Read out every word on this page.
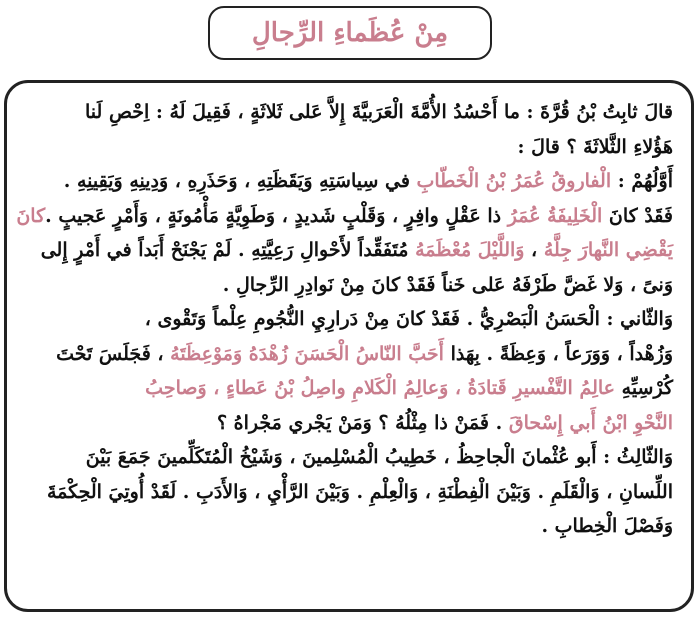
مِنْ عُظَماءِ الرِّجالِ
قالَ ثابِتُ بْنُ قُرَّةَ : ما أَحْسُدُ الأُمَّةَ الْعَرَبيَّةَ إِلاَّ عَلى ثَلاثَةٍ ، فَقِيلَ لَهُ : اِحْصِ لَنا
هَؤُلاءِ الثَّلاثَةَ ؟ قالَ :
أَوَّلُهُمْ : الْفاروقُ عُمَرُ بْنُ الْخَطّابِ في سِياسَتِهِ وَيَقَظَتِهِ ، وَحَذَرِهِ ، وَدِينِهِ وَيَقِينِهِ .
فَقَدْ كانَ الْخَلِيفَةُ عُمَرُ ذا عَقْلٍ وافِرٍ ، وَقَلْبٍ شَديدٍ ، وَطَوِيَّةٍ مَأْمُونَةٍ ، وَأَمْرٍ عَجيبٍ .كانَ
يَقْضِي النَّهارَ جِلَّهُ ، وَاللَّيْلَ مُعْظَمَهُ مُتَفَقِّداً لأَحْوالِ رَعِيَّتِهِ . لَمْ يَجْنَحْ أَبَداً في أَمْرٍ إِلى
وَنىً ، وَلا غَضَّ طَرْفَهُ عَلى خَناً فَقَدْ كانَ مِنْ نَوادِرِ الرِّجالِ .
وَالثّاني : الْحَسَنُ الْبَصْرِيُّ . فَقَدْ كانَ مِنْ دَرارِيِ النُّجُومِ عِلْماً وَتَقْوى ،
وَزُهْداً ، وَوَرَعاً ، وَعِظَةً . بِهَذا أَحَبَّ النّاسُ الْحَسَنَ زُهْدَهُ وَمَوْعِظَتَهُ ، فَجَلَسَ تَحْتَ
كُرْسِيِّهِ عالِمُ التَّفْسيرِ قَتادَةُ ، وَعالِمُ الْكَلامِ واصِلُ بْنُ عَطاءٍ ، وَصاحِبُ
النَّحْوِ ابْنُ أَبي إِسْحاقَ . فَمَنْ ذا مِثْلُهُ ؟ وَمَنْ يَجْري مَجْراهُ ؟
وَالثّالِثُ : أَبو عُثْمانَ الْجاحِظُ ، خَطِيبُ الْمُسْلِمينَ ، وَشَيْخُ الْمُتَكَلِّمينَ جَمَعَ بَيْنَ
اللِّسانِ ، وَالْقَلَمِ . وَبَيْنَ الْفِطْنَةِ ، وَالْعِلْمِ . وَبَيْنَ الرَّأْيِ ، وَالأَدَبِ . لَقَدْ أُوتِيَ الْحِكْمَةَ
وَفَصْلَ الْخِطابِ .
